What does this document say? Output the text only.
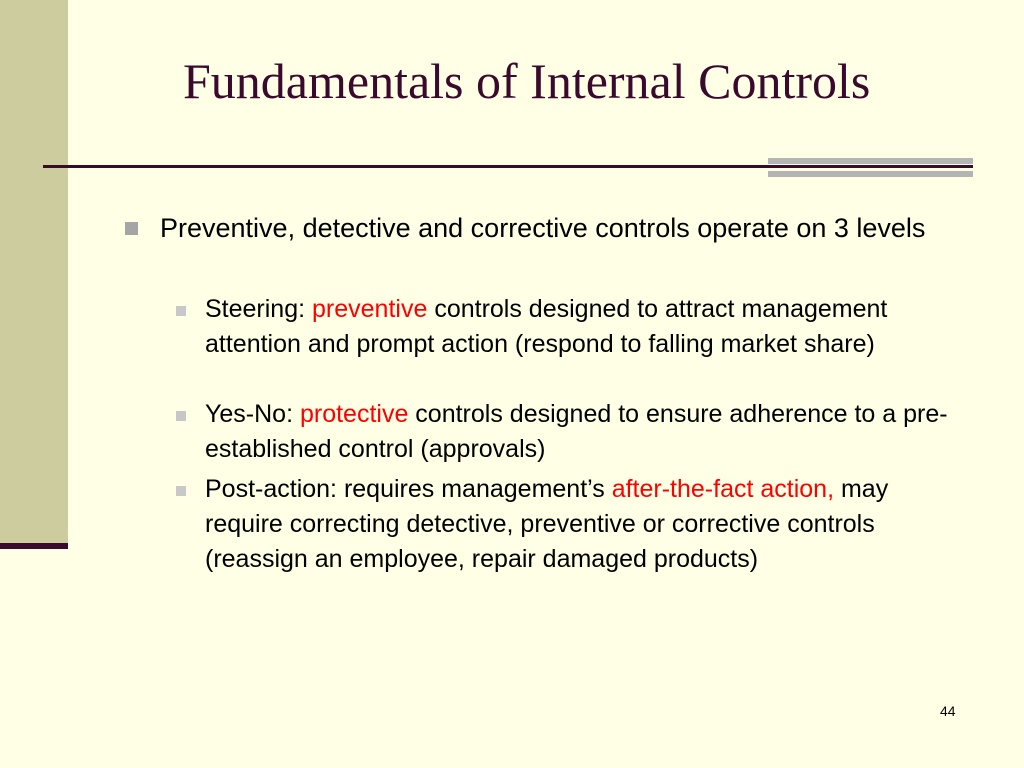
Fundamentals of Internal Controls
Preventive, detective and corrective controls operate on 3 levels
Steering: preventive controls designed to attract management attention and prompt action (respond to falling market share)
Yes-No: protective controls designed to ensure adherence to a pre-established control (approvals)
Post-action: requires management’s after-the-fact action, may require correcting detective, preventive or corrective controls (reassign an employee, repair damaged products)
44
